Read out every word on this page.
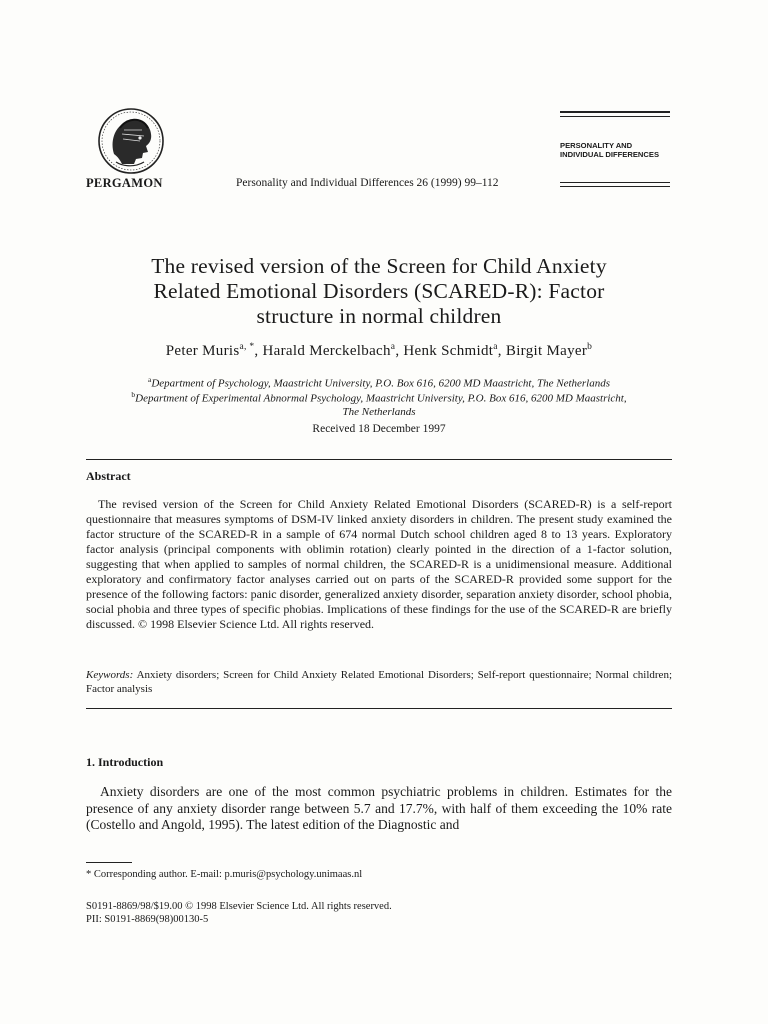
PERGAMON	Personality and Individual Differences 26 (1999) 99–112
PERSONALITY AND
INDIVIDUAL DIFFERENCES
The revised version of the Screen for Child Anxiety
Related Emotional Disorders (SCARED-R): Factor
structure in normal children
Peter Muris$^{a, *}$, Harald Merckelbach$^a$, Henk Schmidt$^a$, Birgit Mayer$^b$
$^a$Department of Psychology, Maastricht University, P.O. Box 616, 6200 MD Maastricht, The Netherlands
$^b$Department of Experimental Abnormal Psychology, Maastricht University, P.O. Box 616, 6200 MD Maastricht,
The Netherlands
Received 18 December 1997
Abstract
The revised version of the Screen for Child Anxiety Related Emotional Disorders (SCARED-R) is a self-report questionnaire that measures symptoms of DSM-IV linked anxiety disorders in children. The present study examined the factor structure of the SCARED-R in a sample of 674 normal Dutch school children aged 8 to 13 years. Exploratory factor analysis (principal components with oblimin rotation) clearly pointed in the direction of a 1-factor solution, suggesting that when applied to samples of normal children, the SCARED-R is a unidimensional measure. Additional exploratory and confirmatory factor analyses carried out on parts of the SCARED-R provided some support for the presence of the following factors: panic disorder, generalized anxiety disorder, separation anxiety disorder, school phobia, social phobia and three types of specific phobias. Implications of these findings for the use of the SCARED-R are briefly discussed. © 1998 Elsevier Science Ltd. All rights reserved.
Keywords: Anxiety disorders; Screen for Child Anxiety Related Emotional Disorders; Self-report questionnaire; Normal children; Factor analysis
1. Introduction
Anxiety disorders are one of the most common psychiatric problems in children. Estimates for the presence of any anxiety disorder range between 5.7 and 17.7%, with half of them exceeding the 10% rate (Costello and Angold, 1995). The latest edition of the Diagnostic and
* Corresponding author. E-mail: p.muris@psychology.unimaas.nl
S0191-8869/98/$19.00 © 1998 Elsevier Science Ltd. All rights reserved.
PII: S0191-8869(98)00130-5
